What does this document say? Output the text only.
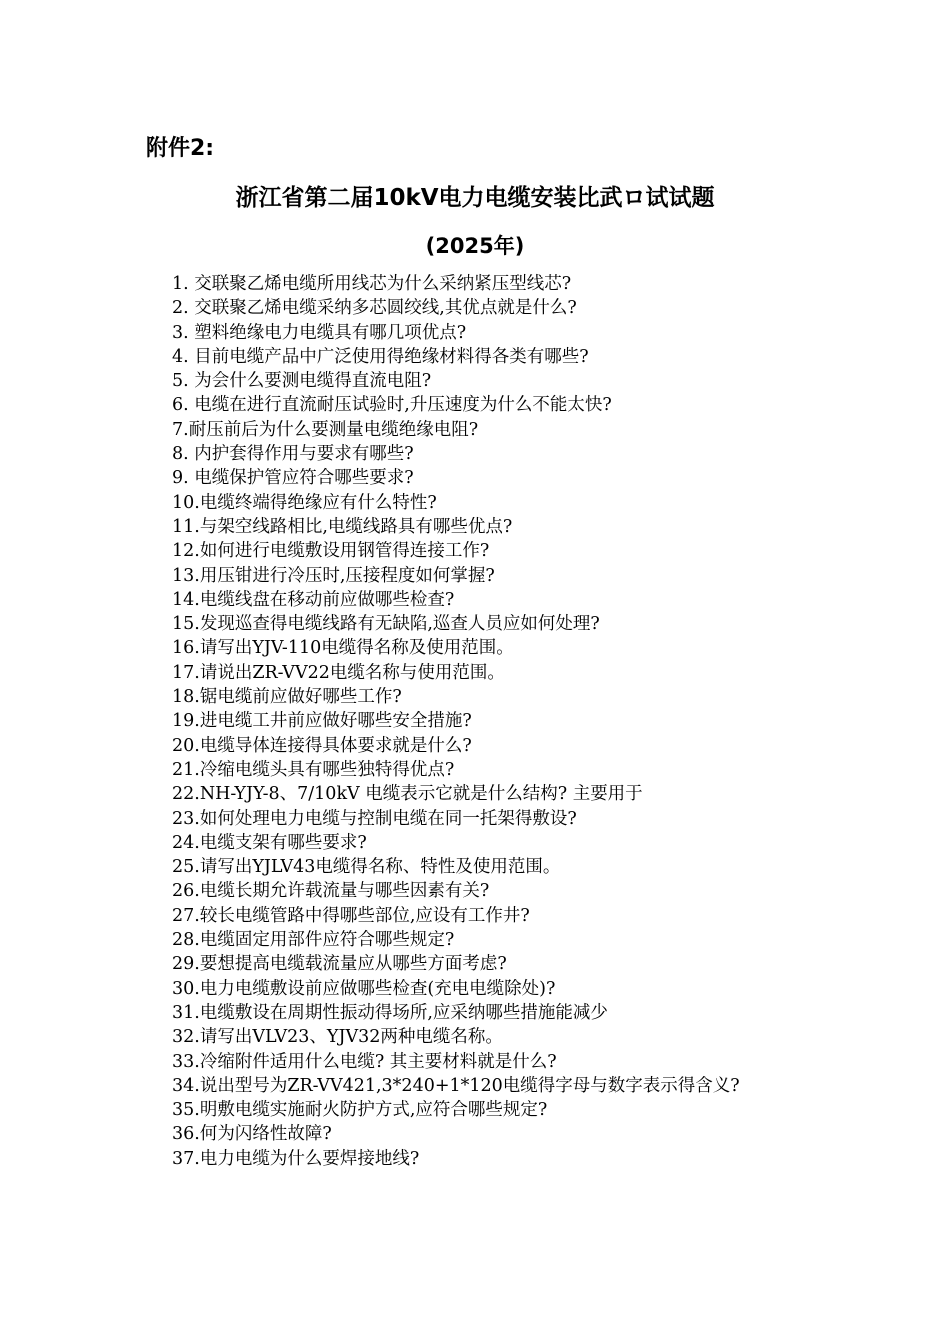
附件2:

浙江省第二届10kV电力电缆安装比武ロ试试题

(2025年)

1. 交联聚乙烯电缆所用线芯为什么采纳紧压型线芯?
2. 交联聚乙烯电缆采纳多芯圆绞线,其优点就是什么?
3. 塑料绝缘电力电缆具有哪几项优点?
4. 目前电缆产品中广泛使用得绝缘材料得各类有哪些?
5. 为会什么要测电缆得直流电阻?
6. 电缆在进行直流耐压试验时,升压速度为什么不能太快?
7.耐压前后为什么要测量电缆绝缘电阻?
8. 内护套得作用与要求有哪些?
9. 电缆保护管应符合哪些要求?
10.电缆终端得绝缘应有什么特性?
11.与架空线路相比,电缆线路具有哪些优点?
12.如何进行电缆敷设用钢管得连接工作?
13.用压钳进行冷压时,压接程度如何掌握?
14.电缆线盘在移动前应做哪些检查?
15.发现巡查得电缆线路有无缺陷,巡查人员应如何处理?
16.请写出YJV-110电缆得名称及使用范围。
17.请说出ZR-VV22电缆名称与使用范围。
18.锯电缆前应做好哪些工作?
19.进电缆工井前应做好哪些安全措施?
20.电缆导体连接得具体要求就是什么?
21.冷缩电缆头具有哪些独特得优点?
22.NH-YJY-8、7/10kV 电缆表示它就是什么结构? 主要用于
23.如何处理电力电缆与控制电缆在同一托架得敷设?
24.电缆支架有哪些要求?
25.请写出YJLV43电缆得名称、特性及使用范围。
26.电缆长期允许载流量与哪些因素有关?
27.较长电缆管路中得哪些部位,应设有工作井?
28.电缆固定用部件应符合哪些规定?
29.要想提高电缆载流量应从哪些方面考虑?
30.电力电缆敷设前应做哪些检查(充电电缆除处)?
31.电缆敷设在周期性振动得场所,应采纳哪些措施能减少
32.请写出VLV23、YJV32两种电缆名称。
33.冷缩附件适用什么电缆? 其主要材料就是什么?
34.说出型号为ZR-VV421,3*240+1*120电缆得字母与数字表示得含义?
35.明敷电缆实施耐火防护方式,应符合哪些规定?
36.何为闪络性故障?
37.电力电缆为什么要焊接地线?
